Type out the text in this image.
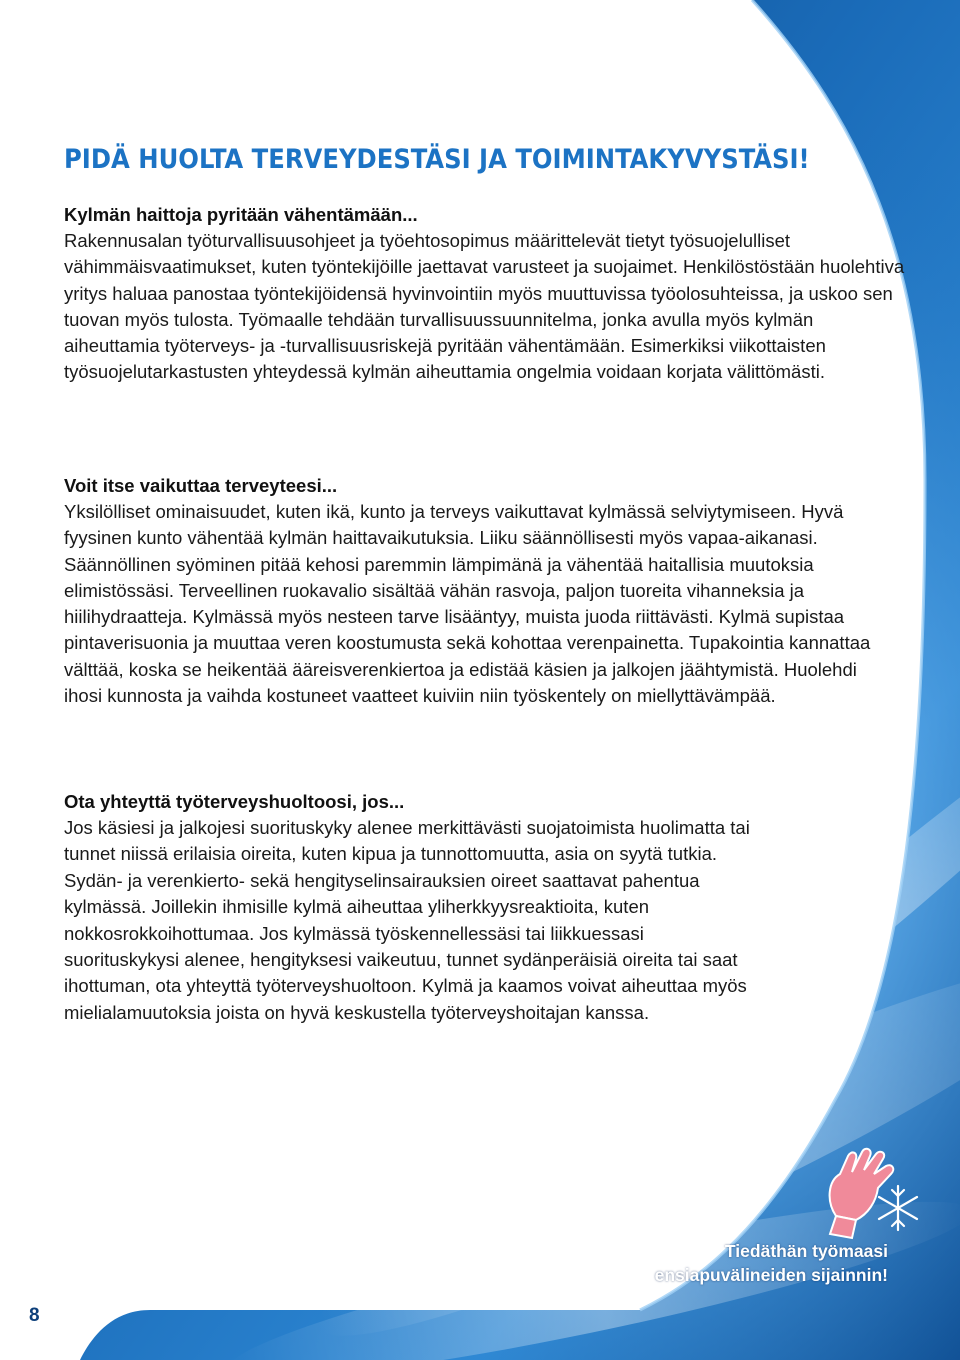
PIDÄ HUOLTA TERVEYDESTÄSI JA TOIMINTAKYVYSTÄSI!
Kylmän haittoja pyritään vähentämään...

Rakennusalan työturvallisuusohjeet ja työehtosopimus määrittelevät tietyt työsuojelulliset vähimmäisvaatimukset, kuten työntekijöille jaettavat varusteet ja suojaimet. Henkilöstöstään huolehtiva yritys haluaa panostaa työntekijöidensä hyvinvointiin myös muuttuvissa työolosuhteissa, ja uskoo sen tuovan myös tulosta. Työmaalle tehdään turvallisuussuunnitelma, jonka avulla myös kylmän aiheuttamia työterveys- ja -turvallisuusriskejä pyritään vähentämään. Esimerkiksi viikottaisten työsuojelutarkastusten yhteydessä kylmän aiheuttamia ongelmia voidaan korjata välittömästi.

Voit itse vaikuttaa terveyteesi...

Yksilölliset ominaisuudet, kuten ikä, kunto ja terveys vaikuttavat kylmässä selviytymiseen. Hyvä fyysinen kunto vähentää kylmän haittavaikutuksia. Liiku säännöllisesti myös vapaa-aikanasi. Säännöllinen syöminen pitää kehosi paremmin lämpimänä ja vähentää haitallisia muutoksia elimistössäsi. Terveellinen ruokavalio sisältää vähän rasvoja, paljon tuoreita vihanneksia ja hiilihydraatteja. Kylmässä myös nesteen tarve lisääntyy, muista juoda riittävästi. Kylmä supistaa pintaverisuonia ja muuttaa veren koostumusta sekä kohottaa verenpainetta. Tupakointia kannattaa välttää, koska se heikentää ääreisverenkiertoa ja edistää käsien ja jalkojen jäähtymistä. Huolehdi ihosi kunnosta ja vaihda kostuneet vaatteet kuiviin niin työskentely on miellyttävämpää.

Ota yhteyttä työterveyshuoltoosi, jos...

Jos käsiesi ja jalkojesi suorituskyky alenee merkittävästi suojatoimista huolimatta tai tunnet niissä erilaisia oireita, kuten kipua ja tunnottomuutta, asia on syytä tutkia. Sydän- ja verenkierto- sekä hengityselinsairauksien oireet saattavat pahentua kylmässä. Joillekin ihmisille kylmä aiheuttaa yliherkkyysreaktioita, kuten nokkosrokkoihottumaa. Jos kylmässä työskennellessäsi tai liikkuessasi suorituskykysi alenee, hengityksesi vaikeutuu, tunnet sydänperäisiä oireita tai saat ihottuman, ota yhteyttä työterveyshuoltoon. Kylmä ja kaamos voivat aiheuttaa myös mielialamuutoksia joista on hyvä keskustella työterveyshoitajan kanssa.

Tiedäthän työmaasi
ensiapuvälineiden sijainnin!
8
